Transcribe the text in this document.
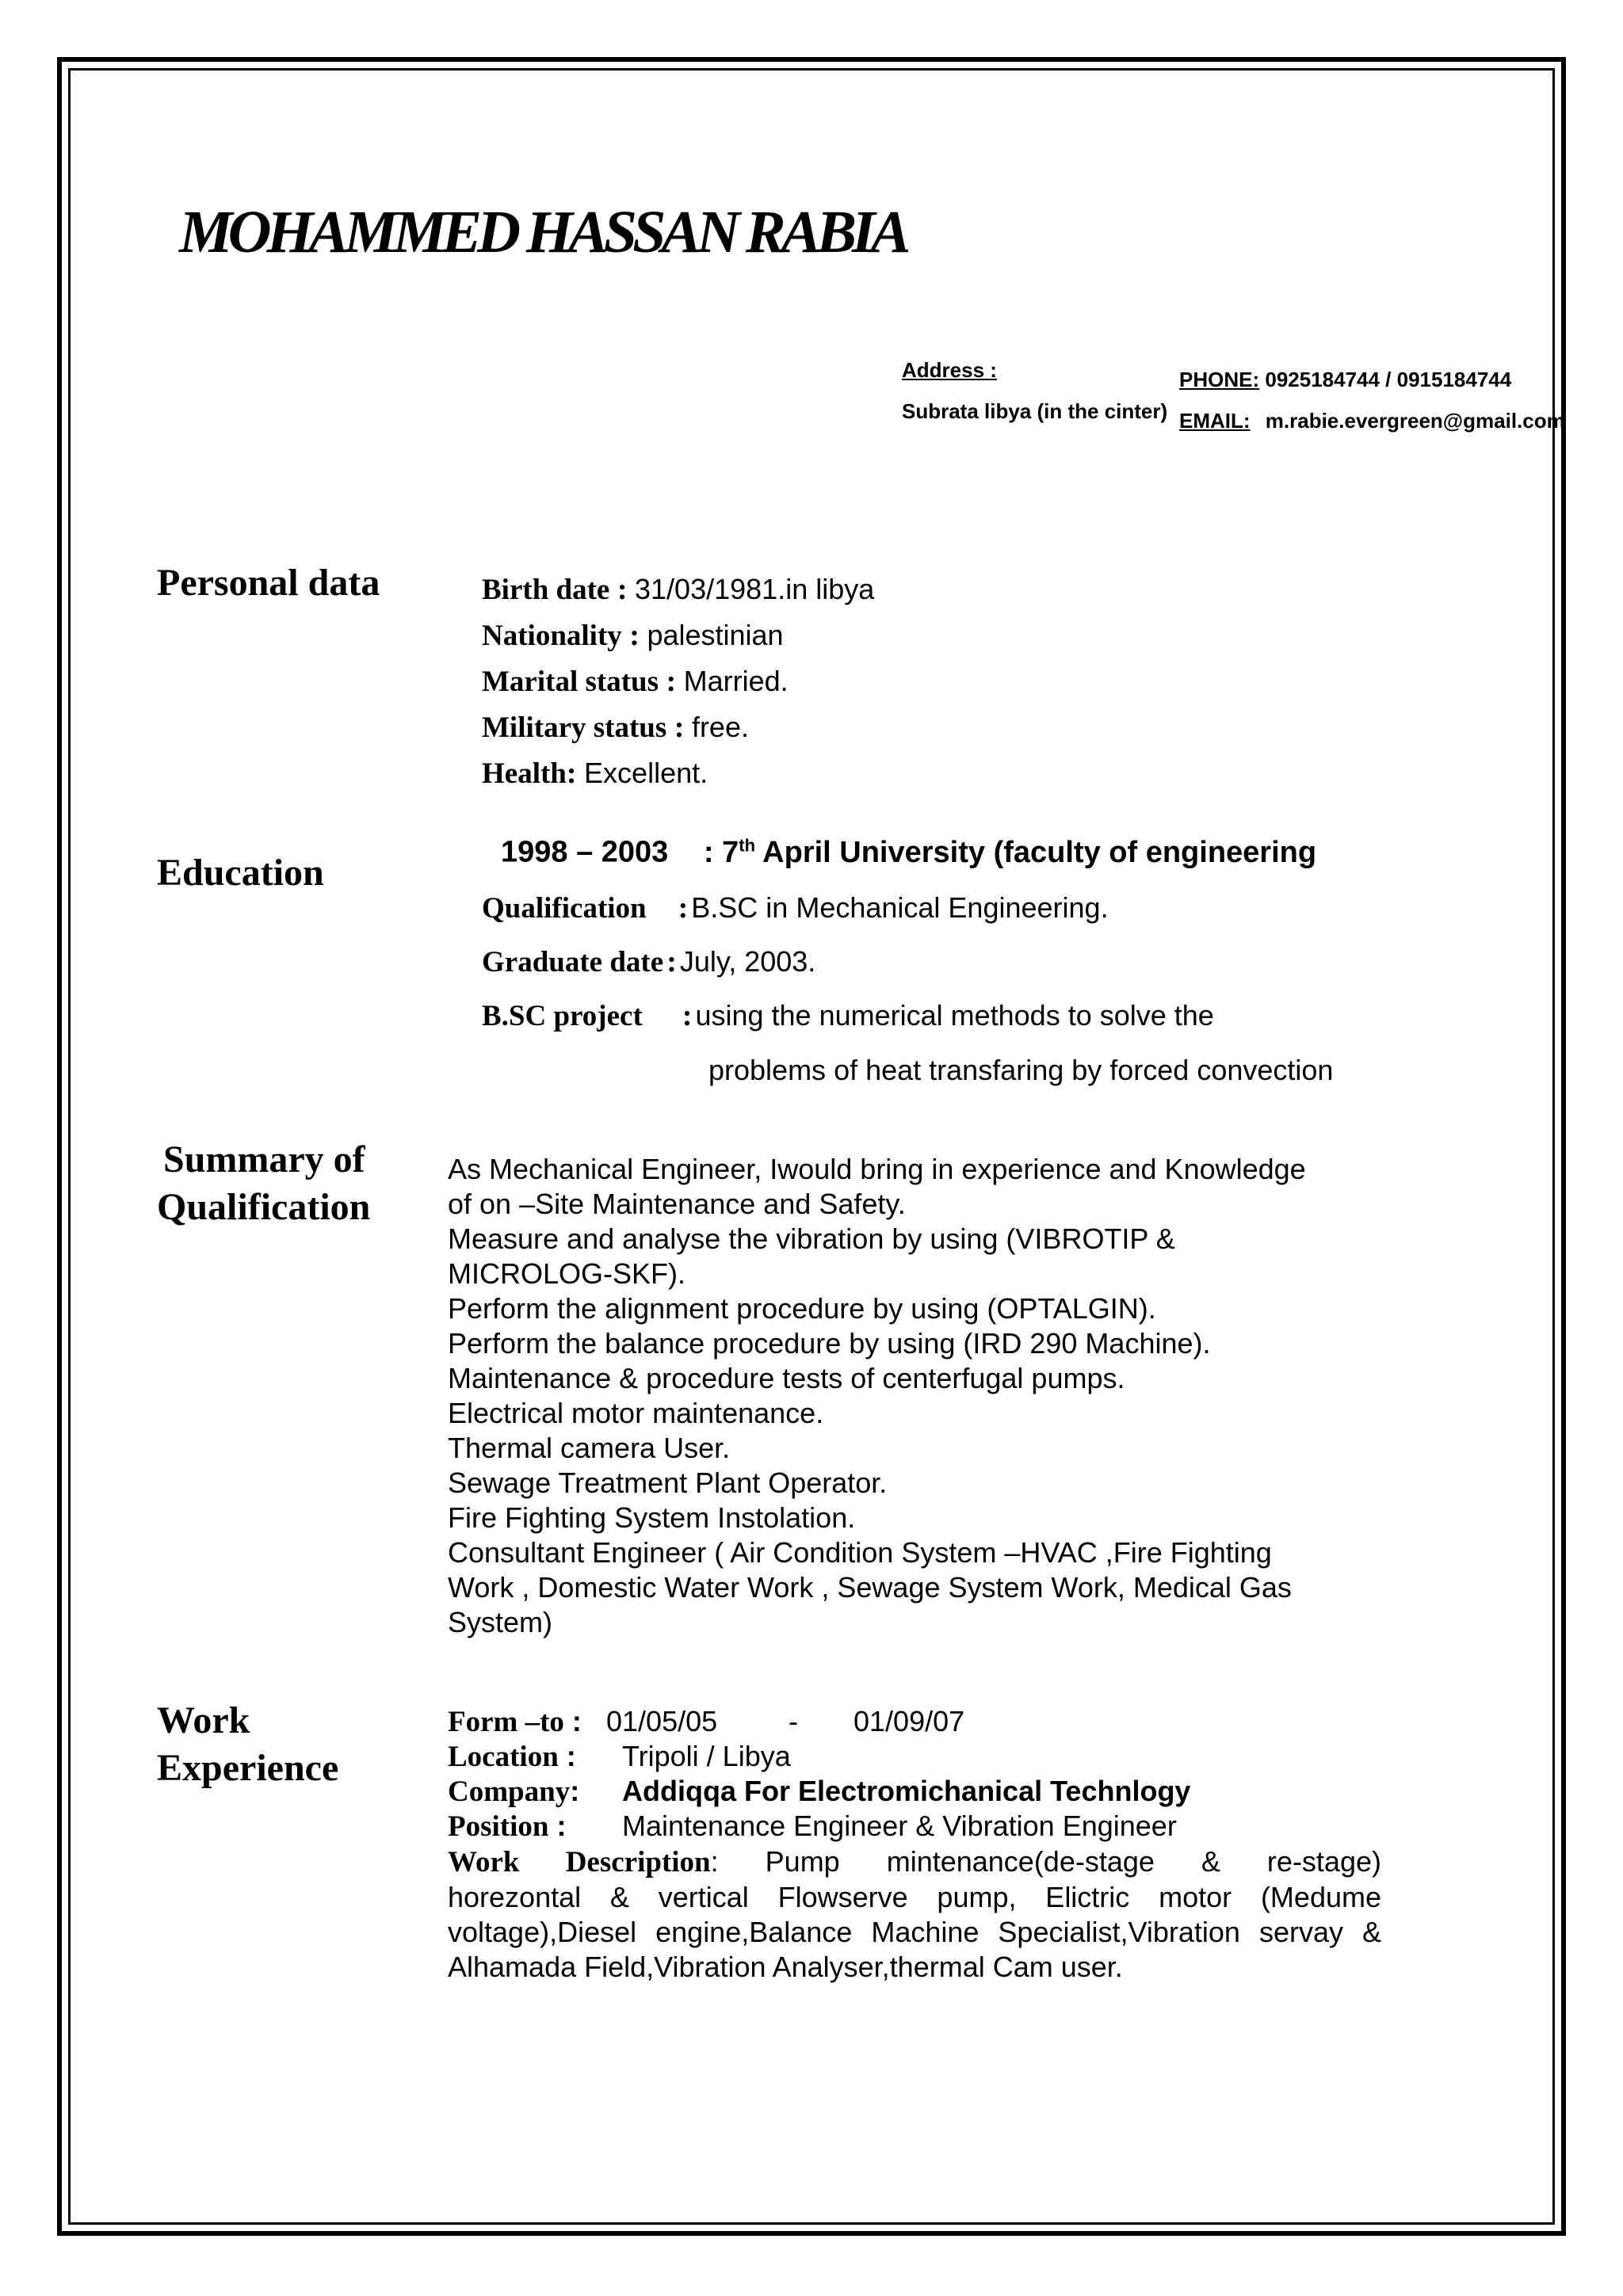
MOHAMMED HASSAN RABIA
Address :
Subrata libya (in the cinter)
PHONE: 0925184744 / 0915184744
EMAIL: m.rabie.evergreen@gmail.com
Personal data	Birth date : 31/03/1981.in libya
Nationality : palestinian
Marital status : Married.
Military status : free.
Health: Excellent.
Education	1998 – 2003 : 7th April University (faculty of engineering
Qualification : B.SC in Mechanical Engineering.
Graduate date : July, 2003.
B.SC project : using the numerical methods to solve the
problems of heat transfaring by forced convection
Summary of
Qualification
As Mechanical Engineer, Iwould bring in experience and Knowledge
of on –Site Maintenance and Safety.
Measure and analyse the vibration by using (VIBROTIP &
MICROLOG-SKF).
Perform the alignment procedure by using (OPTALGIN).
Perform the balance procedure by using (IRD 290 Machine).
Maintenance & procedure tests of centerfugal pumps.
Electrical motor maintenance.
Thermal camera User.
Sewage Treatment Plant Operator.
Fire Fighting System Instolation.
Consultant Engineer ( Air Condition System –HVAC ,Fire Fighting
Work , Domestic Water Work , Sewage System Work, Medical Gas
System)
Work
Experience
Form –to : 01/05/05 - 01/09/07
Location : Tripoli / Libya
Company: Addiqqa For Electromichanical Technlogy
Position : Maintenance Engineer & Vibration Engineer
Work Description: Pump mintenance(de-stage & re-stage)
horezontal & vertical Flowserve pump, Elictric motor (Medume
voltage),Diesel engine,Balance Machine Specialist,Vibration servay &
Alhamada Field,Vibration Analyser,thermal Cam user.
